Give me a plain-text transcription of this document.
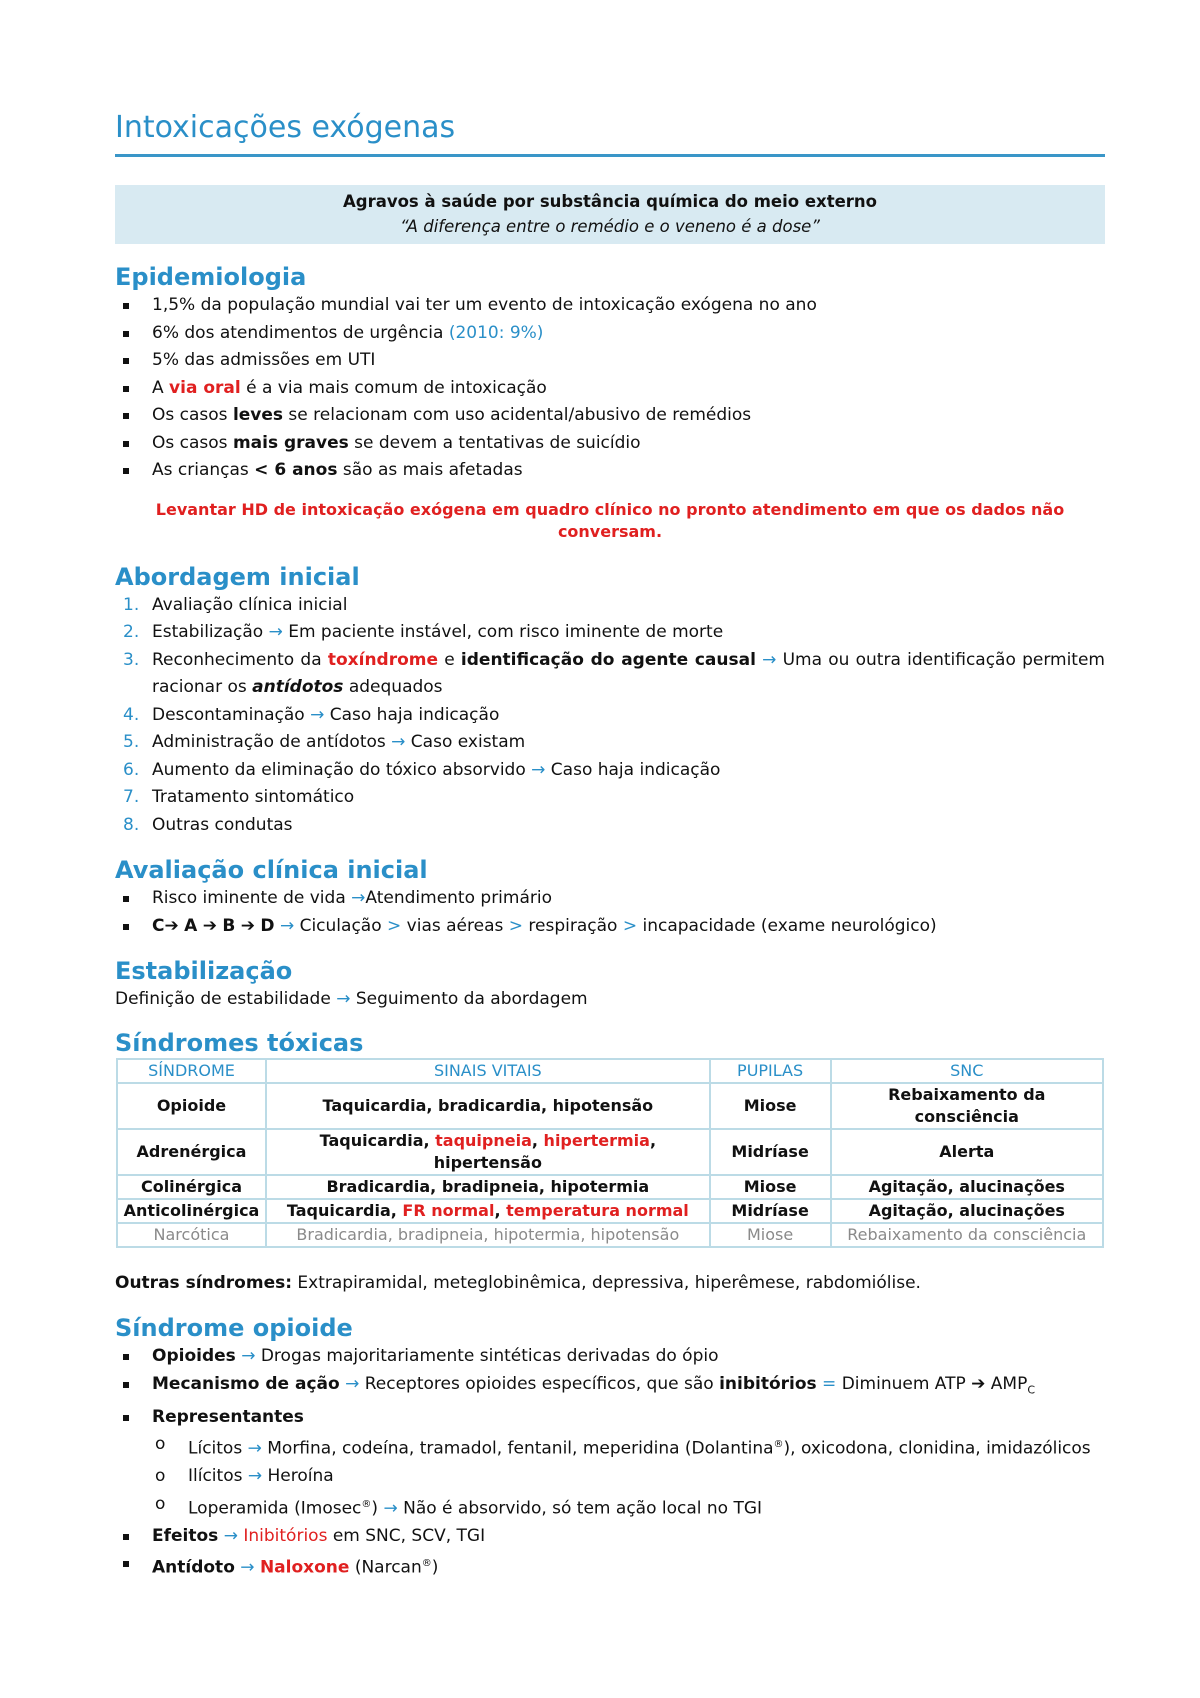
Intoxicações exógenas
Agravos à saúde por substância química do meio externo
“A diferença entre o remédio e o veneno é a dose”
Epidemiologia
1,5% da população mundial vai ter um evento de intoxicação exógena no ano
6% dos atendimentos de urgência (2010: 9%)
5% das admissões em UTI
A via oral é a via mais comum de intoxicação
Os casos leves se relacionam com uso acidental/abusivo de remédios
Os casos mais graves se devem a tentativas de suicídio
As crianças < 6 anos são as mais afetadas
Levantar HD de intoxicação exógena em quadro clínico no pronto atendimento em que os dados não conversam.
Abordagem inicial
1. Avaliação clínica inicial
2. Estabilização → Em paciente instável, com risco iminente de morte
3. Reconhecimento da toxíndrome e identificação do agente causal → Uma ou outra identificação permitem racionar os antídotos adequados
4. Descontaminação → Caso haja indicação
5. Administração de antídotos → Caso existam
6. Aumento da eliminação do tóxico absorvido → Caso haja indicação
7. Tratamento sintomático
8. Outras condutas
Avaliação clínica inicial
Risco iminente de vida →Atendimento primário
C➔ A ➔ B ➔ D → Ciculação > vias aéreas > respiração > incapacidade (exame neurológico)
Estabilização
Definição de estabilidade → Seguimento da abordagem
Síndromes tóxicas
SÍNDROME	SINAIS VITAIS	PUPILAS	SNC
Opioide	Taquicardia, bradicardia, hipotensão	Miose	Rebaixamento da consciência
Adrenérgica	Taquicardia, taquipneia, hipertermia, hipertensão	Midríase	Alerta
Colinérgica	Bradicardia, bradipneia, hipotermia	Miose	Agitação, alucinações
Anticolinérgica	Taquicardia, FR normal, temperatura normal	Midríase	Agitação, alucinações
Narcótica	Bradicardia, bradipneia, hipotermia, hipotensão	Miose	Rebaixamento da consciência
Outras síndromes: Extrapiramidal, meteglobinêmica, depressiva, hiperêmese, rabdomiólise.
Síndrome opioide
Opioides → Drogas majoritariamente sintéticas derivadas do ópio
Mecanismo de ação → Receptores opioides específicos, que são inibitórios = Diminuem ATP ➔ $AMP_C$
Representantes
o Lícitos → Morfina, codeína, tramadol, fentanil, meperidina (Dolantina®), oxicodona, clonidina, imidazólicos
o Ilícitos → Heroína
o Loperamida (Imosec®) → Não é absorvido, só tem ação local no TGI
Efeitos → Inibitórios em SNC, SCV, TGI
Antídoto → Naloxone (Narcan®)
